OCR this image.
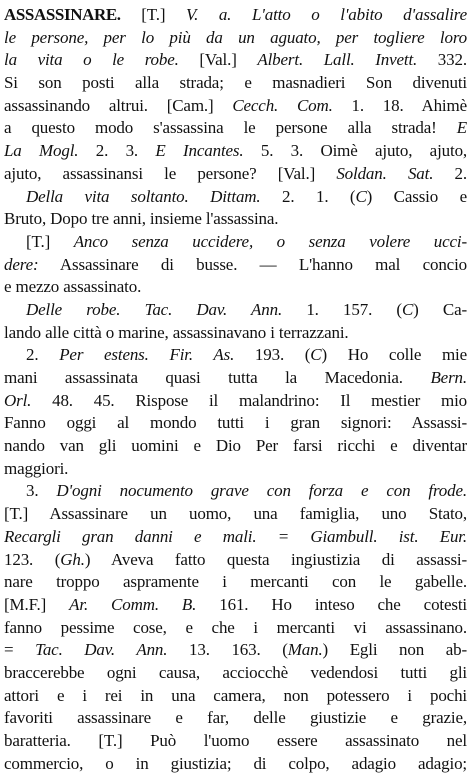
ASSASSINARE. [T.] V. a. L'atto o l'abito d'assalire
le persone, per lo più da un aguato, per togliere loro
la vita o le robe. [Val.] Albert. Lall. Invett. 332.
Si son posti alla strada; e masnadieri Son divenuti
assassinando altrui. [Cam.] Cecch. Com. 1. 18. Ahimè
a questo modo s'assassina le persone alla strada! E
La Mogl. 2. 3. E Incantes. 5. 3. Oimè ajuto, ajuto,
ajuto, assassinansi le persone? [Val.] Soldan. Sat. 2.
Della vita soltanto. Dittam. 2. 1. (C) Cassio e
Bruto, Dopo tre anni, insieme l'assassina.
[T.] Anco senza uccidere, o senza volere ucci-
dere: Assassinare di busse. — L'hanno mal concio
e mezzo assassinato.
Delle robe. Tac. Dav. Ann. 1. 157. (C) Ca-
lando alle città o marine, assassinavano i terrazzani.
2. Per estens. Fir. As. 193. (C) Ho colle mie
mani assassinata quasi tutta la Macedonia. Bern.
Orl. 48. 45. Rispose il malandrino: Il mestier mio
Fanno oggi al mondo tutti i gran signori: Assassi-
nando van gli uomini e Dio Per farsi ricchi e diventar
maggiori.
3. D'ogni nocumento grave con forza e con frode.
[T.] Assassinare un uomo, una famiglia, uno Stato,
Recargli gran danni e mali. = Giambull. ist. Eur.
123. (Gh.) Aveva fatto questa ingiustizia di assassi-
nare troppo aspramente i mercanti con le gabelle.
[M.F.] Ar. Comm. B. 161. Ho inteso che cotesti
fanno pessime cose, e che i mercanti vi assassinano.
= Tac. Dav. Ann. 13. 163. (Man.) Egli non ab-
braccerebbe ogni causa, acciocchè vedendosi tutti gli
attori e i rei in una camera, non potessero i pochi
favoriti assassinare e far, delle giustizie e grazie,
baratteria. [T.] Può l'uomo essere assassinato nel
commercio, o in giustizia; di colpo, adagio adagio;
